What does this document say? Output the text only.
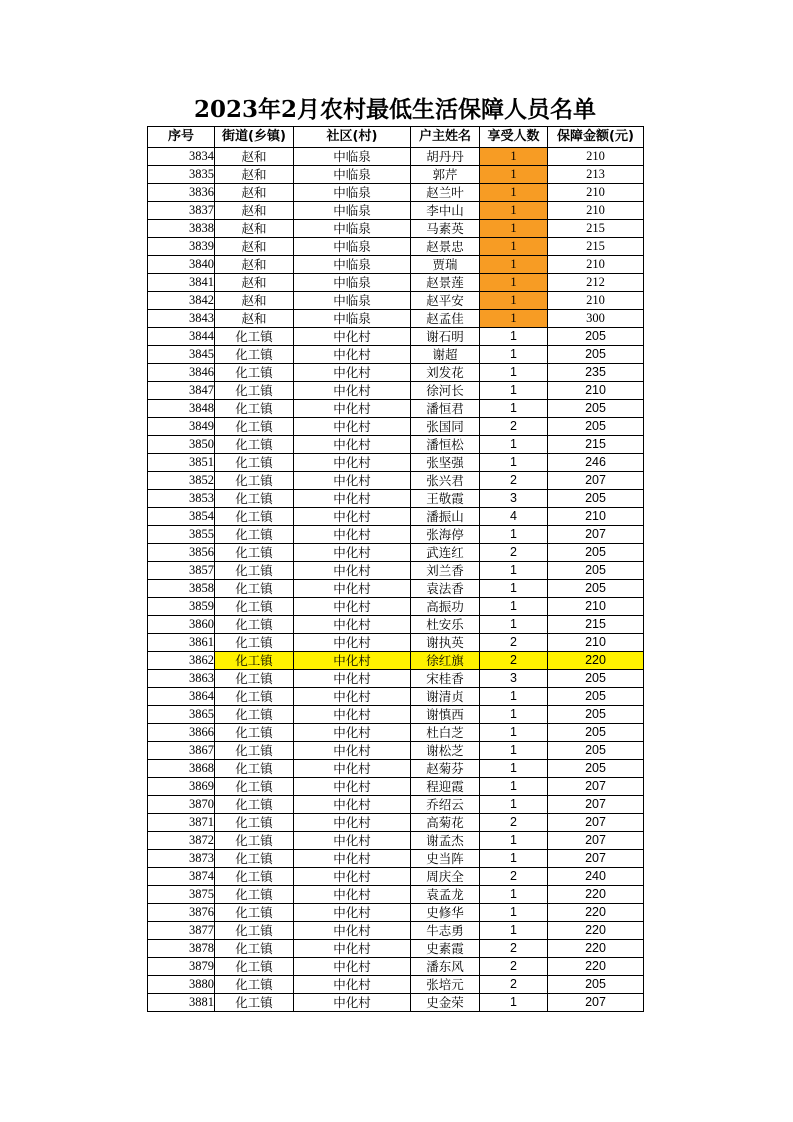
2023年2月农村最低生活保障人员名单
序号	街道(乡镇)	社区(村)	户主姓名	享受人数	保障金额(元)
3834	赵和	中临泉	胡丹丹	1	210
3835	赵和	中临泉	郭芹	1	213
3836	赵和	中临泉	赵兰叶	1	210
3837	赵和	中临泉	李中山	1	210
3838	赵和	中临泉	马素英	1	215
3839	赵和	中临泉	赵景忠	1	215
3840	赵和	中临泉	贾瑞	1	210
3841	赵和	中临泉	赵景莲	1	212
3842	赵和	中临泉	赵平安	1	210
3843	赵和	中临泉	赵孟佳	1	300
3844	化工镇	中化村	谢石明	1	205
3845	化工镇	中化村	谢超	1	205
3846	化工镇	中化村	刘发花	1	235
3847	化工镇	中化村	徐河长	1	210
3848	化工镇	中化村	潘恒君	1	205
3849	化工镇	中化村	张国同	2	205
3850	化工镇	中化村	潘恒松	1	215
3851	化工镇	中化村	张坚强	1	246
3852	化工镇	中化村	张兴君	2	207
3853	化工镇	中化村	王敬霞	3	205
3854	化工镇	中化村	潘振山	4	210
3855	化工镇	中化村	张海停	1	207
3856	化工镇	中化村	武连红	2	205
3857	化工镇	中化村	刘兰香	1	205
3858	化工镇	中化村	袁法香	1	205
3859	化工镇	中化村	高振功	1	210
3860	化工镇	中化村	杜安乐	1	215
3861	化工镇	中化村	谢执英	2	210
3862	化工镇	中化村	徐红旗	2	220
3863	化工镇	中化村	宋桂香	3	205
3864	化工镇	中化村	谢清贞	1	205
3865	化工镇	中化村	谢慎西	1	205
3866	化工镇	中化村	杜白芝	1	205
3867	化工镇	中化村	谢松芝	1	205
3868	化工镇	中化村	赵菊芬	1	205
3869	化工镇	中化村	程迎霞	1	207
3870	化工镇	中化村	乔绍云	1	207
3871	化工镇	中化村	高菊花	2	207
3872	化工镇	中化村	谢孟杰	1	207
3873	化工镇	中化村	史当阵	1	207
3874	化工镇	中化村	周庆全	2	240
3875	化工镇	中化村	袁孟龙	1	220
3876	化工镇	中化村	史修华	1	220
3877	化工镇	中化村	牛志勇	1	220
3878	化工镇	中化村	史素霞	2	220
3879	化工镇	中化村	潘东风	2	220
3880	化工镇	中化村	张培元	2	205
3881	化工镇	中化村	史金荣	1	207
